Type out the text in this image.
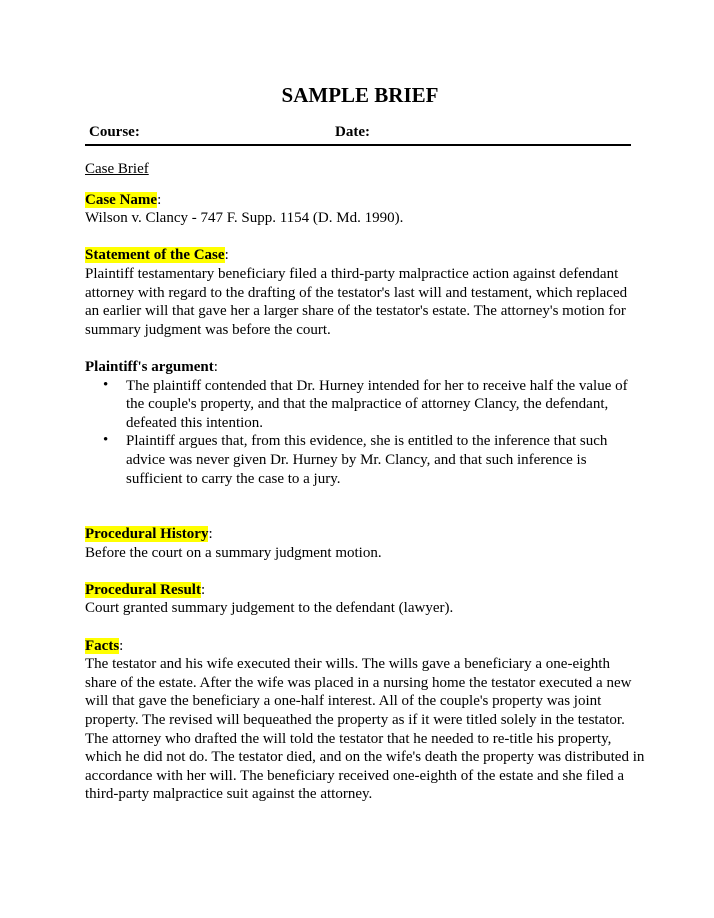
SAMPLE BRIEF
Course:	Date:

Case Brief

Case Name:

Wilson v. Clancy - 747 F. Supp. 1154 (D. Md. 1990).

Statement of the Case:

Plaintiff testamentary beneficiary filed a third-party malpractice action against defendant attorney with regard to the drafting of the testator's last will and testament, which replaced an earlier will that gave her a larger share of the testator's estate. The attorney's motion for summary judgment was before the court.

Plaintiff's argument:

• The plaintiff contended that Dr. Hurney intended for her to receive half the value of the couple's property, and that the malpractice of attorney Clancy, the defendant, defeated this intention.
• Plaintiff argues that, from this evidence, she is entitled to the inference that such advice was never given Dr. Hurney by Mr. Clancy, and that such inference is sufficient to carry the case to a jury.

Procedural History:

Before the court on a summary judgment motion.

Procedural Result:

Court granted summary judgement to the defendant (lawyer).

Facts:

The testator and his wife executed their wills. The wills gave a beneficiary a one-eighth share of the estate. After the wife was placed in a nursing home the testator executed a new will that gave the beneficiary a one-half interest. All of the couple's property was joint property. The revised will bequeathed the property as if it were titled solely in the testator. The attorney who drafted the will told the testator that he needed to re-title his property, which he did not do. The testator died, and on the wife's death the property was distributed in accordance with her will. The beneficiary received one-eighth of the estate and she filed a third-party malpractice suit against the attorney.
